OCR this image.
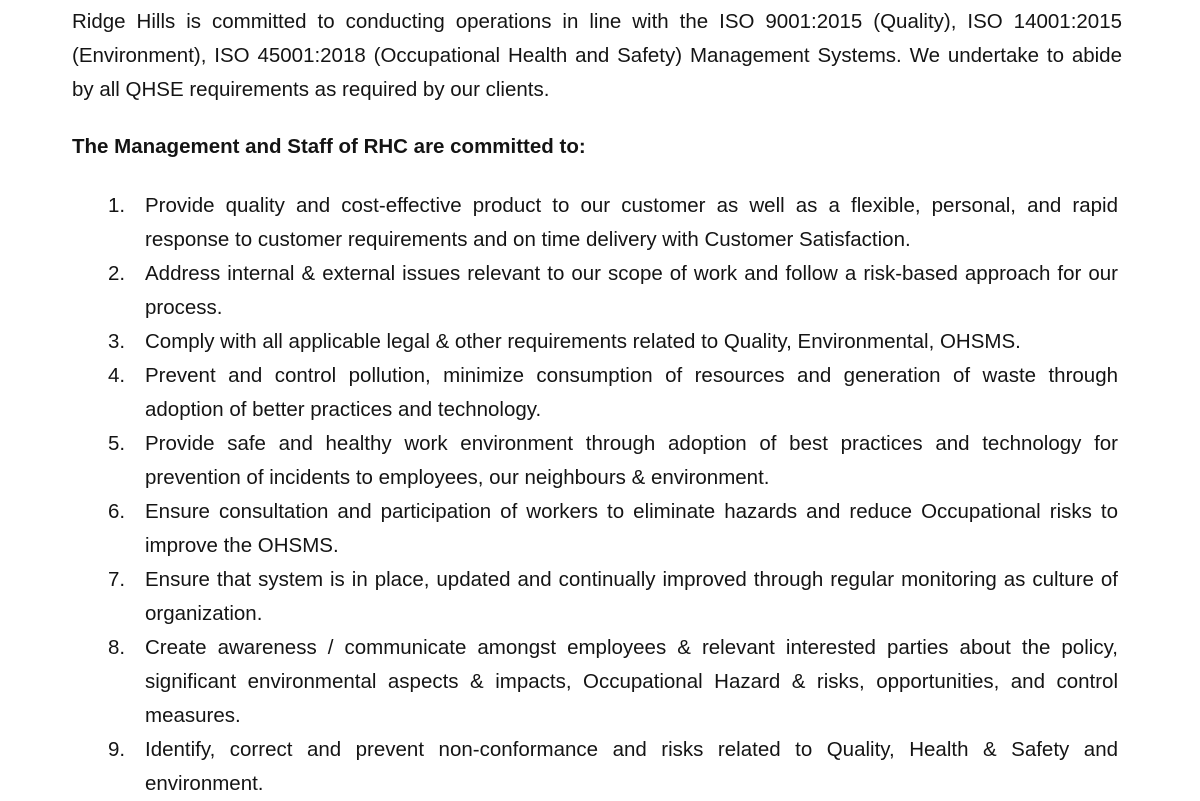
Ridge Hills is committed to conducting operations in line with the ISO 9001:2015 (Quality), ISO 14001:2015 (Environment), ISO 45001:2018 (Occupational Health and Safety) Management Systems. We undertake to abide by all QHSE requirements as required by our clients.

The Management and Staff of RHC are committed to:

1. Provide quality and cost-effective product to our customer as well as a flexible, personal, and rapid response to customer requirements and on time delivery with Customer Satisfaction.
2. Address internal & external issues relevant to our scope of work and follow a risk-based approach for our process.
3. Comply with all applicable legal & other requirements related to Quality, Environmental, OHSMS.
4. Prevent and control pollution, minimize consumption of resources and generation of waste through adoption of better practices and technology.
5. Provide safe and healthy work environment through adoption of best practices and technology for prevention of incidents to employees, our neighbours & environment.
6. Ensure consultation and participation of workers to eliminate hazards and reduce Occupational risks to improve the OHSMS.
7. Ensure that system is in place, updated and continually improved through regular monitoring as culture of organization.
8. Create awareness / communicate amongst employees & relevant interested parties about the policy, significant environmental aspects & impacts, Occupational Hazard & risks, opportunities, and control measures.
9. Identify, correct and prevent non-conformance and risks related to Quality, Health & Safety and environment.
